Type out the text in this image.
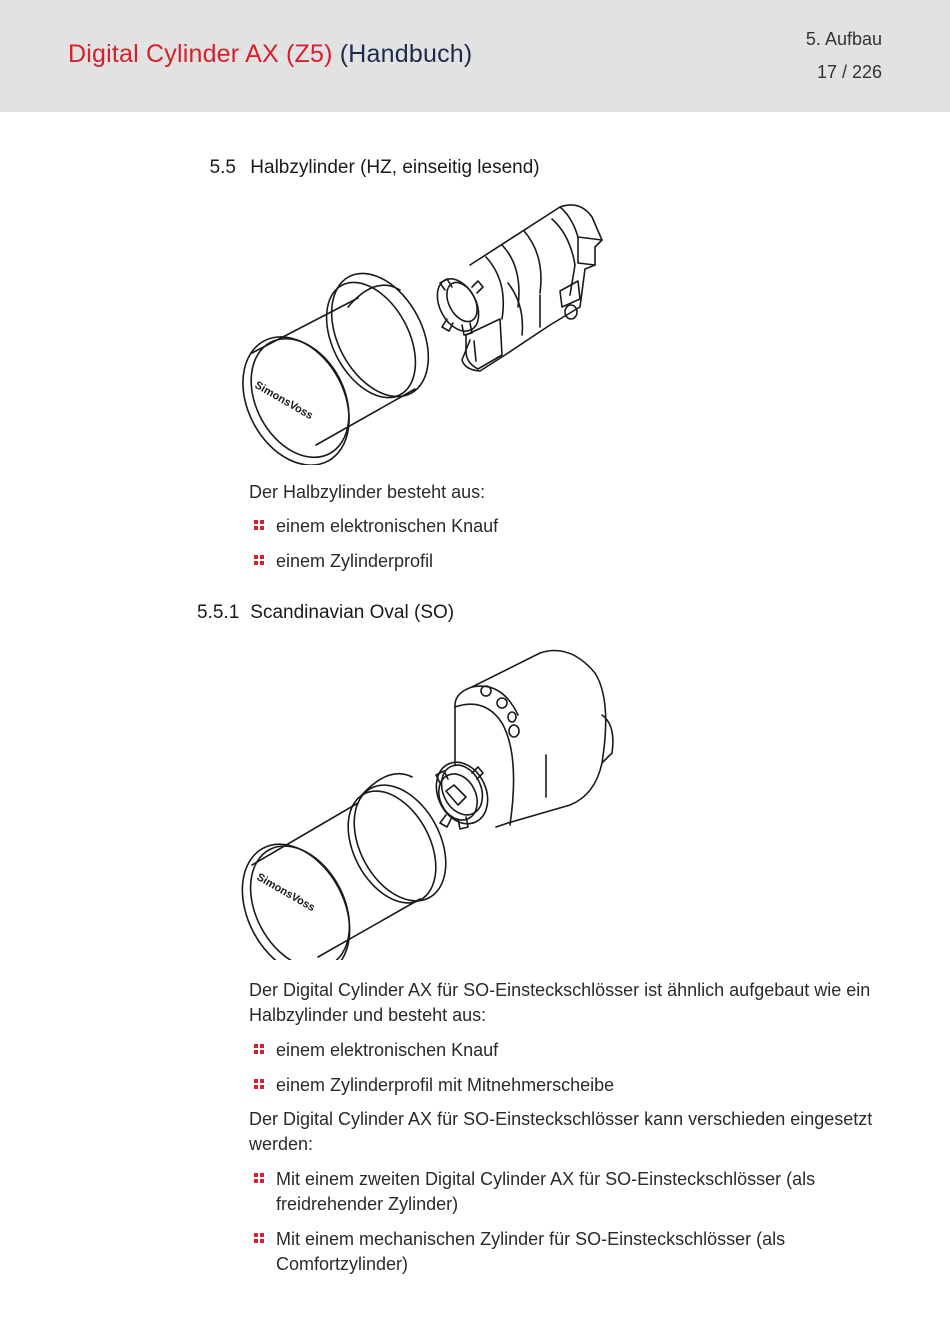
Digital Cylinder AX (Z5) (Handbuch)
5. Aufbau
17 / 226
5.5 Halbzylinder (HZ, einseitig lesend)
SimonsVoss
Der Halbzylinder besteht aus:
einem elektronischen Knauf
einem Zylinderprofil
5.5.1 Scandinavian Oval (SO)
SimonsVoss
Der Digital Cylinder AX für SO-Einsteckschlösser ist ähnlich aufgebaut wie ein Halbzylinder und besteht aus:
einem elektronischen Knauf
einem Zylinderprofil mit Mitnehmerscheibe
Der Digital Cylinder AX für SO-Einsteckschlösser kann verschieden eingesetzt werden:
Mit einem zweiten Digital Cylinder AX für SO-Einsteckschlösser (als freidrehender Zylinder)
Mit einem mechanischen Zylinder für SO-Einsteckschlösser (als Comfortzylinder)
